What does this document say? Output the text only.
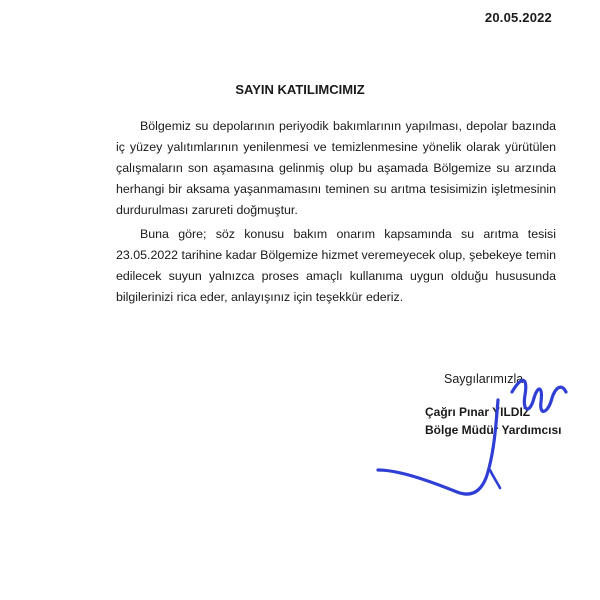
20.05.2022
SAYIN KATILIMCIMIZ

Bölgemiz su depolarının periyodik bakımlarının yapılması, depolar bazında iç yüzey yalıtımlarının yenilenmesi ve temizlenmesine yönelik olarak yürütülen çalışmaların son aşamasına gelinmiş olup bu aşamada Bölgemize su arzında herhangi bir aksama yaşanmamasını teminen su arıtma tesisimizin işletmesinin durdurulması zarureti doğmuştur.

Buna göre; söz konusu bakım onarım kapsamında su arıtma tesisi 23.05.2022 tarihine kadar Bölgemize hizmet veremeyecek olup, şebekeye temin edilecek suyun yalnızca proses amaçlı kullanıma uygun olduğu hususunda bilgilerinizi rica eder, anlayışınız için teşekkür ederiz.

Saygılarımızla.
Çağrı Pınar YILDIZ
Bölge Müdür Yardımcısı
